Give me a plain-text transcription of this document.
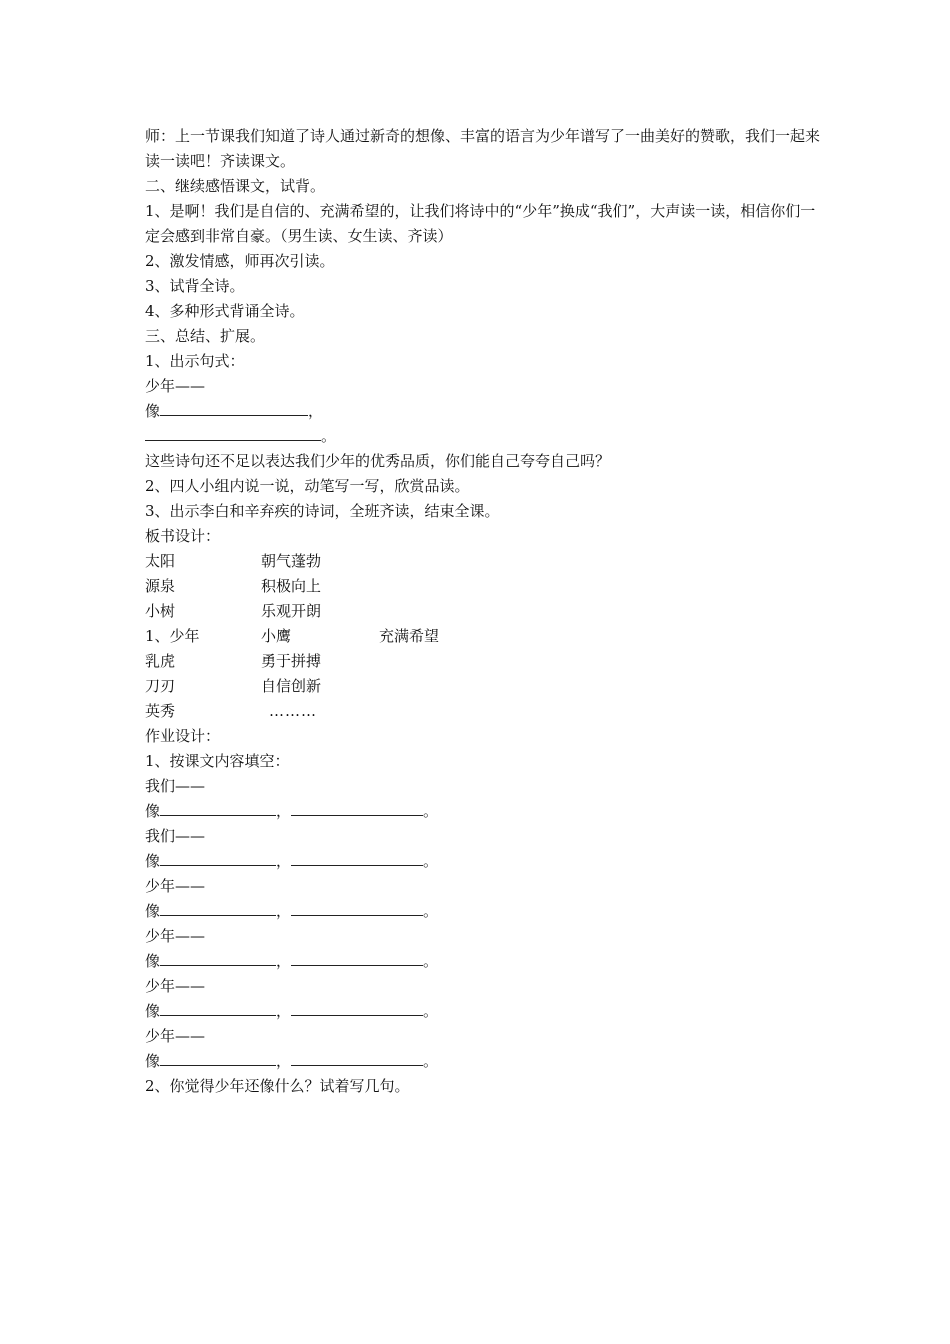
师：上一节课我们知道了诗人通过新奇的想像、丰富的语言为少年谱写了一曲美好的赞歌，我们一起来读一读吧！齐读课文。
二、继续感悟课文，试背。
1、是啊！我们是自信的、充满希望的，让我们将诗中的“少年”换成“我们”，大声读一读，相信你们一定会感到非常自豪。（男生读、女生读、齐读）
2、激发情感，师再次引读。
3、试背全诗。
4、多种形式背诵全诗。
三、总结、扩展。
1、出示句式：
少年——
像	，
。
这些诗句还不足以表达我们少年的优秀品质，你们能自己夸夸自己吗？
2、四人小组内说一说，动笔写一写，欣赏品读。
3、出示李白和辛弃疾的诗词，全班齐读，结束全课。
板书设计：
太阳	朝气蓬勃
源泉	积极向上
小树	乐观开朗
1、少年	小鹰	充满希望
乳虎	勇于拼搏
刀刃	自信创新
英秀	………
作业设计：
1、按课文内容填空：
我们——
像	，	。
我们——
像	，	。
少年——
像	，	。
少年——
像	，	。
少年——
像	，	。
少年——
像	，	。
2、你觉得少年还像什么？试着写几句。
